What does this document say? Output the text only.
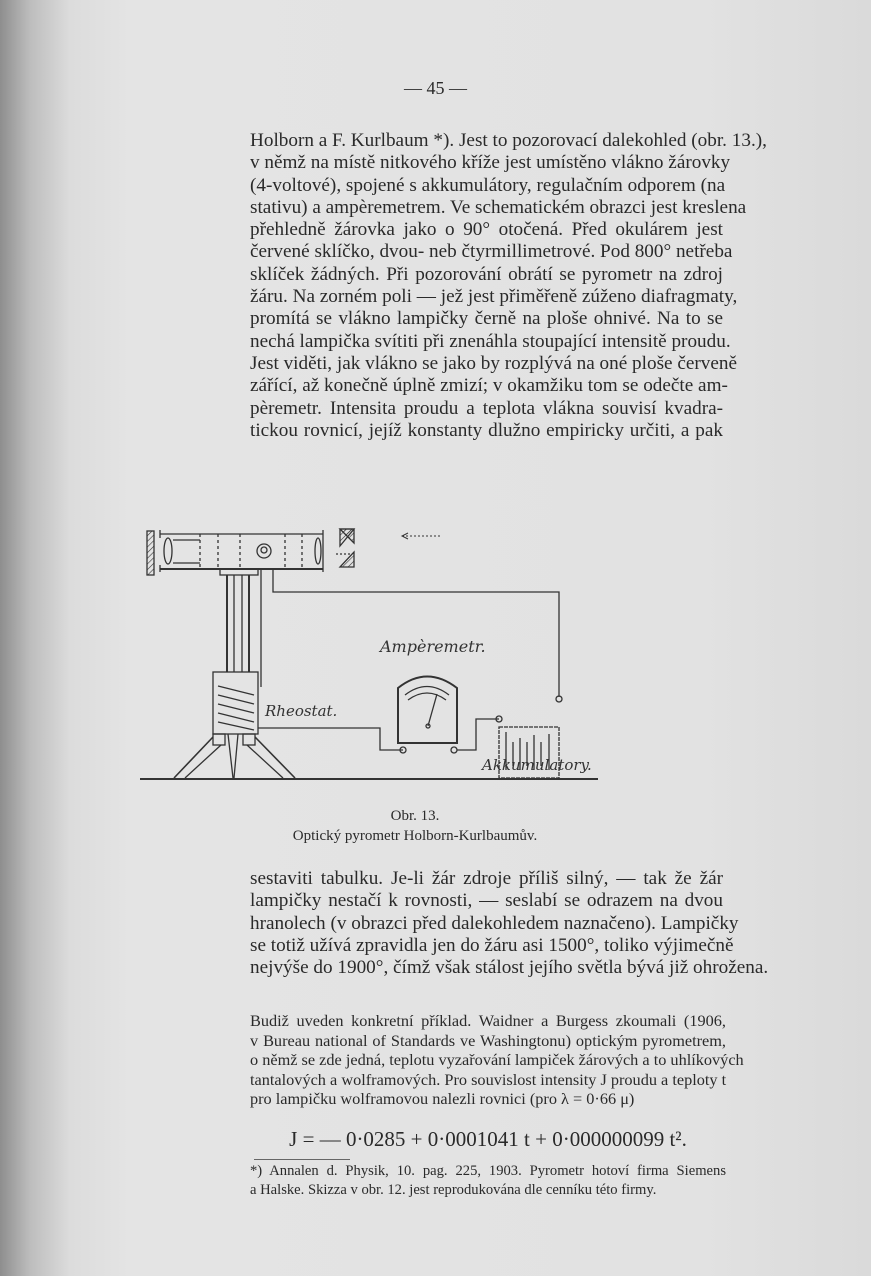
— 45 —
Holborn a F. Kurlbaum *). Jest to pozorovací dalekohled (obr. 13.),
v němž na místě nitkového kříže jest umístěno vlákno žárovky
(4-voltové), spojené s akkumulátory, regulačním odporem (na
stativu) a ampèremetrem. Ve schematickém obrazci jest kreslena
přehledně žárovka jako o 90° otočená. Před okulárem jest
červené sklíčko, dvou- neb čtyrmillimetrové. Pod 800° netřeba
sklíček žádných. Při pozorování obrátí se pyrometr na zdroj
žáru. Na zorném poli — jež jest přiměřeně zúženo diafragmaty,
promítá se vlákno lampičky černě na ploše ohnivé. Na to se
nechá lampička svítiti při znenáhla stoupající intensitě proudu.
Jest viděti, jak vlákno se jako by rozplývá na oné ploše červeně
zářící, až konečně úplně zmizí; v okamžiku tom se odečte am-
pèremetr. Intensita proudu a teplota vlákna souvisí kvadra-
tickou rovnicí, jejíž konstanty dlužno empiricky určiti, a pak
Ampèremetr.
Rheostat.
Akkumulatory.
Obr. 13.
Optický pyrometr Holborn-Kurlbaumův.
sestaviti tabulku. Je-li žár zdroje příliš silný, — tak že žár
lampičky nestačí k rovnosti, — seslabí se odrazem na dvou
hranolech (v obrazci před dalekohledem naznačeno). Lampičky
se totiž užívá zpravidla jen do žáru asi 1500°, toliko výjimečně
nejvýše do 1900°, čímž však stálost jejího světla bývá již ohrožena.
Budiž uveden konkretní příklad. Waidner a Burgess zkoumali (1906,
v Bureau national of Standards ve Washingtonu) optickým pyrometrem,
o němž se zde jedná, teplotu vyzařování lampiček žárových a to uhlíkových
tantalových a wolframových. Pro souvislost intensity J proudu a teploty t
pro lampičku wolframovou nalezli rovnici (pro λ = 0·66 μ)
J = — 0·0285 + 0·0001041 t + 0·000000099 t².
*) Annalen d. Physik, 10. pag. 225, 1903. Pyrometr hotoví firma Siemens
a Halske. Skizza v obr. 12. jest reprodukována dle cenníku této firmy.
